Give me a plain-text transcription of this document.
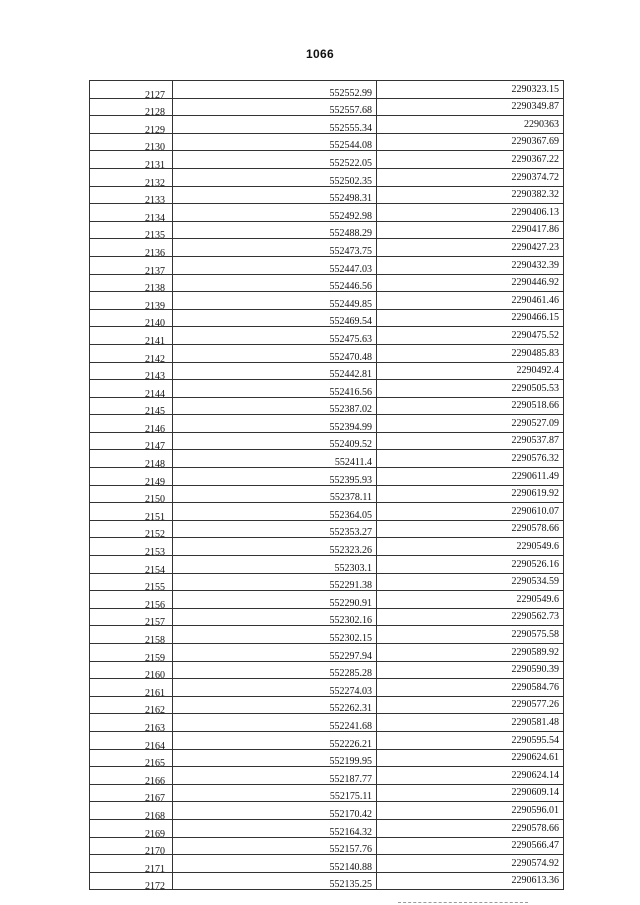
1066
2127	552552.99	2290323.15
2128	552557.68	2290349.87
2129	552555.34	2290363
2130	552544.08	2290367.69
2131	552522.05	2290367.22
2132	552502.35	2290374.72
2133	552498.31	2290382.32
2134	552492.98	2290406.13
2135	552488.29	2290417.86
2136	552473.75	2290427.23
2137	552447.03	2290432.39
2138	552446.56	2290446.92
2139	552449.85	2290461.46
2140	552469.54	2290466.15
2141	552475.63	2290475.52
2142	552470.48	2290485.83
2143	552442.81	2290492.4
2144	552416.56	2290505.53
2145	552387.02	2290518.66
2146	552394.99	2290527.09
2147	552409.52	2290537.87
2148	552411.4	2290576.32
2149	552395.93	2290611.49
2150	552378.11	2290619.92
2151	552364.05	2290610.07
2152	552353.27	2290578.66
2153	552323.26	2290549.6
2154	552303.1	2290526.16
2155	552291.38	2290534.59
2156	552290.91	2290549.6
2157	552302.16	2290562.73
2158	552302.15	2290575.58
2159	552297.94	2290589.92
2160	552285.28	2290590.39
2161	552274.03	2290584.76
2162	552262.31	2290577.26
2163	552241.68	2290581.48
2164	552226.21	2290595.54
2165	552199.95	2290624.61
2166	552187.77	2290624.14
2167	552175.11	2290609.14
2168	552170.42	2290596.01
2169	552164.32	2290578.66
2170	552157.76	2290566.47
2171	552140.88	2290574.92
2172	552135.25	2290613.36
